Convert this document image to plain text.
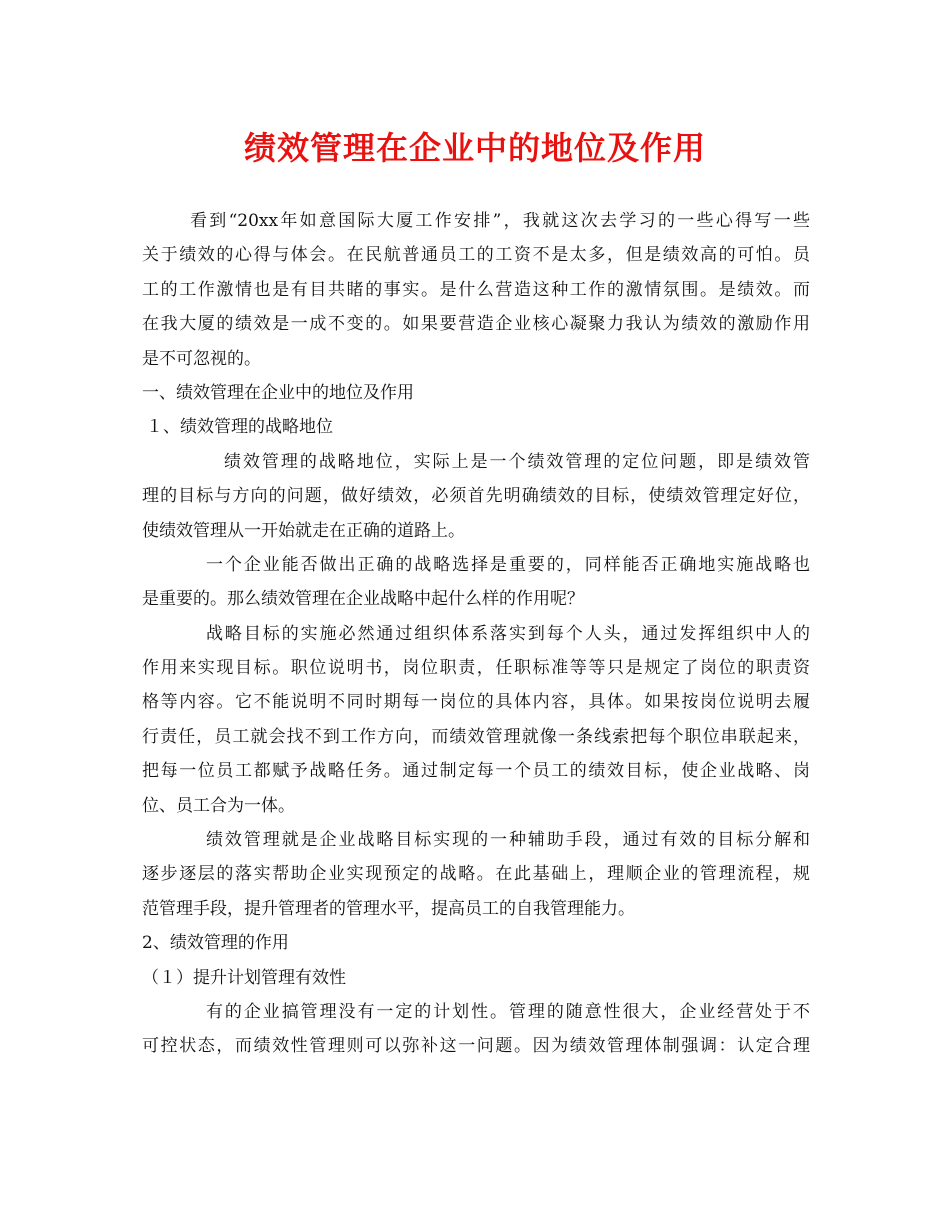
绩效管理在企业中的地位及作用
看到“20xx年如意国际大厦工作安排”，我就这次去学习的一些心得写一些
关于绩效的心得与体会。在民航普通员工的工资不是太多，但是绩效高的可怕。员
工的工作激情也是有目共睹的事实。是什么营造这种工作的激情氛围。是绩效。而
在我大厦的绩效是一成不变的。如果要营造企业核心凝聚力我认为绩效的激励作用
是不可忽视的。
一、绩效管理在企业中的地位及作用
１、绩效管理的战略地位
绩效管理的战略地位，实际上是一个绩效管理的定位问题，即是绩效管
理的目标与方向的问题，做好绩效，必须首先明确绩效的目标，使绩效管理定好位，
使绩效管理从一开始就走在正确的道路上。
一个企业能否做出正确的战略选择是重要的，同样能否正确地实施战略也
是重要的。那么绩效管理在企业战略中起什么样的作用呢？
战略目标的实施必然通过组织体系落实到每个人头，通过发挥组织中人的
作用来实现目标。职位说明书，岗位职责，任职标准等等只是规定了岗位的职责资
格等内容。它不能说明不同时期每一岗位的具体内容，具体。如果按岗位说明去履
行责任，员工就会找不到工作方向，而绩效管理就像一条线索把每个职位串联起来，
把每一位员工都赋予战略任务。通过制定每一个员工的绩效目标，使企业战略、岗
位、员工合为一体。
绩效管理就是企业战略目标实现的一种辅助手段，通过有效的目标分解和
逐步逐层的落实帮助企业实现预定的战略。在此基础上，理顺企业的管理流程，规
范管理手段，提升管理者的管理水平，提高员工的自我管理能力。
2、绩效管理的作用
（１）提升计划管理有效性
有的企业搞管理没有一定的计划性。管理的随意性很大，企业经营处于不
可控状态，而绩效性管理则可以弥补这一问题。因为绩效管理体制强调：认定合理
